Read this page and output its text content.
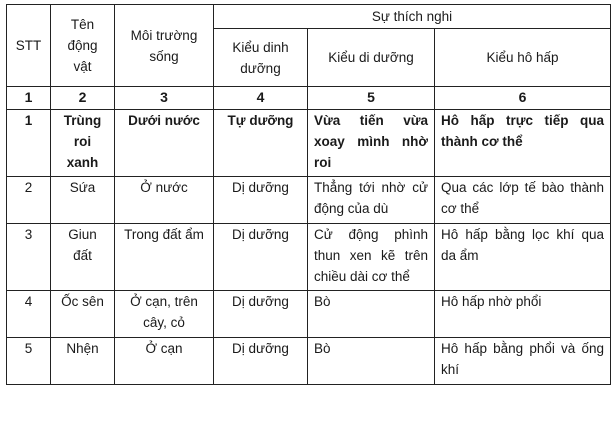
STT	Tên động vật	Môi trường sống	Sự thích nghi		
			Kiểu dinh dưỡng	Kiểu di dưỡng	Kiểu hô hấp
1	2	3	4	5	6
1	Trùng roi xanh	Dưới nước	Tự dưỡng	Vừa tiến vừa xoay mình nhờ roi	Hô hấp trực tiếp qua thành cơ thể
2	Sứa	Ở nước	Dị dưỡng	Thẳng tới nhờ cử động của dù	Qua các lớp tế bào thành cơ thể
3	Giun đất	Trong đất ẩm	Dị dưỡng	Cử động phình thun xen kẽ trên chiều dài cơ thể	Hô hấp bằng lọc khí qua da ẩm
4	Ốc sên	Ở cạn, trên cây, cỏ	Dị dưỡng	Bò	Hô hấp nhờ phổi
5	Nhện	Ở cạn	Dị dưỡng	Bò	Hô hấp bằng phổi và ống khí
